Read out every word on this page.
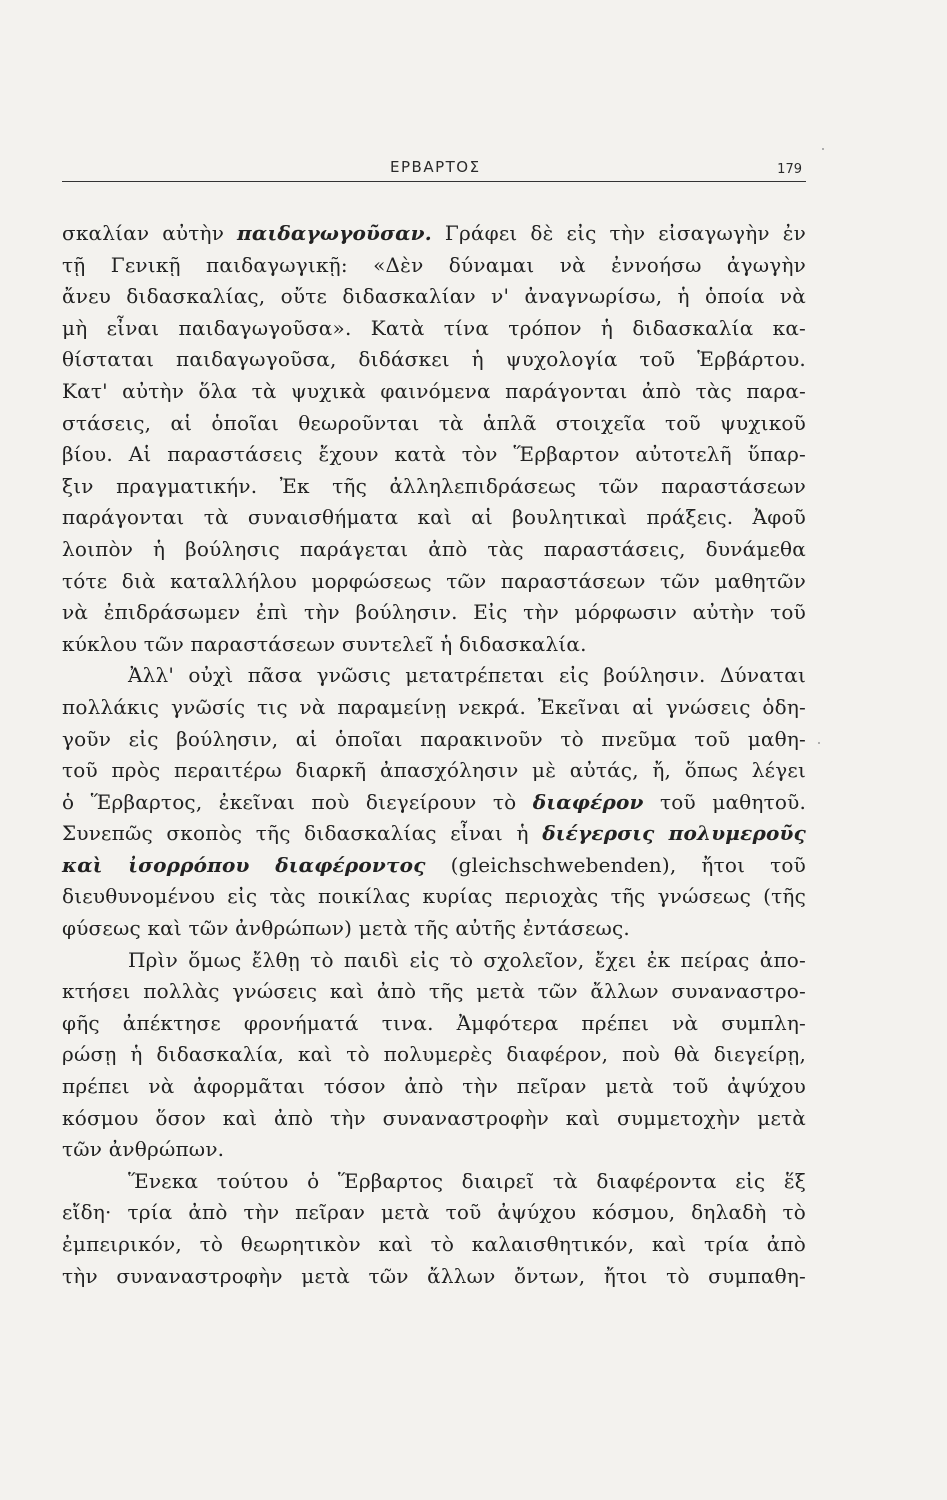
ΕΡΒΑΡΤΟΣ	179
σκαλίαν αὐτὴν παιδαγωγοῦσαν. Γράφει δὲ εἰς τὴν εἰσαγωγὴν ἐν
τῇ Γενικῇ παιδαγωγικῇ: «Δὲν δύναμαι νὰ ἐννοήσω ἀγωγὴν
ἄνευ διδασκαλίας, οὔτε διδασκαλίαν ν' ἀναγνωρίσω, ἡ ὁποία νὰ
μὴ εἶναι παιδαγωγοῦσα». Κατὰ τίνα τρόπον ἡ διδασκαλία κα-
θίσταται παιδαγωγοῦσα, διδάσκει ἡ ψυχολογία τοῦ Ἑρβάρτου.
Κατ' αὐτὴν ὅλα τὰ ψυχικὰ φαινόμενα παράγονται ἀπὸ τὰς παρα-
στάσεις, αἱ ὁποῖαι θεωροῦνται τὰ ἁπλᾶ στοιχεῖα τοῦ ψυχικοῦ
βίου. Αἱ παραστάσεις ἔχουν κατὰ τὸν Ἕρβαρτον αὐτοτελῆ ὕπαρ-
ξιν πραγματικήν. Ἐκ τῆς ἀλληλεπιδράσεως τῶν παραστάσεων
παράγονται τὰ συναισθήματα καὶ αἱ βουλητικαὶ πράξεις. Ἀφοῦ
λοιπὸν ἡ βούλησις παράγεται ἀπὸ τὰς παραστάσεις, δυνάμεθα
τότε διὰ καταλλήλου μορφώσεως τῶν παραστάσεων τῶν μαθητῶν
νὰ ἐπιδράσωμεν ἐπὶ τὴν βούλησιν. Εἰς τὴν μόρφωσιν αὐτὴν τοῦ
κύκλου τῶν παραστάσεων συντελεῖ ἡ διδασκαλία.
Ἀλλ' οὐχὶ πᾶσα γνῶσις μετατρέπεται εἰς βούλησιν. Δύναται
πολλάκις γνῶσίς τις νὰ παραμείνῃ νεκρά. Ἐκεῖναι αἱ γνώσεις ὁδη-
γοῦν εἰς βούλησιν, αἱ ὁποῖαι παρακινοῦν τὸ πνεῦμα τοῦ μαθη-
τοῦ πρὸς περαιτέρω διαρκῆ ἀπασχόλησιν μὲ αὐτάς, ἤ, ὅπως λέγει
ὁ Ἕρβαρτος, ἐκεῖναι ποὺ διεγείρουν τὸ διαφέρον τοῦ μαθητοῦ.
Συνεπῶς σκοπὸς τῆς διδασκαλίας εἶναι ἡ διέγερσις πολυμεροῦς
καὶ ἰσορρόπου διαφέροντος (gleichschwebenden), ἤτοι τοῦ
διευθυνομένου εἰς τὰς ποικίλας κυρίας περιοχὰς τῆς γνώσεως (τῆς
φύσεως καὶ τῶν ἀνθρώπων) μετὰ τῆς αὐτῆς ἐντάσεως.
Πρὶν ὅμως ἔλθῃ τὸ παιδὶ εἰς τὸ σχολεῖον, ἔχει ἐκ πείρας ἀπο-
κτήσει πολλὰς γνώσεις καὶ ἀπὸ τῆς μετὰ τῶν ἄλλων συναναστρο-
φῆς ἀπέκτησε φρονήματά τινα. Ἀμφότερα πρέπει νὰ συμπλη-
ρώσῃ ἡ διδασκαλία, καὶ τὸ πολυμερὲς διαφέρον, ποὺ θὰ διεγείρῃ,
πρέπει νὰ ἀφορμᾶται τόσον ἀπὸ τὴν πεῖραν μετὰ τοῦ ἀψύχου
κόσμου ὅσον καὶ ἀπὸ τὴν συναναστροφὴν καὶ συμμετοχὴν μετὰ
τῶν ἀνθρώπων.
Ἕνεκα τούτου ὁ Ἕρβαρτος διαιρεῖ τὰ διαφέροντα εἰς ἕξ
εἴδη· τρία ἀπὸ τὴν πεῖραν μετὰ τοῦ ἀψύχου κόσμου, δηλαδὴ τὸ
ἐμπειρικόν, τὸ θεωρητικὸν καὶ τὸ καλαισθητικόν, καὶ τρία ἀπὸ
τὴν συναναστροφὴν μετὰ τῶν ἄλλων ὄντων, ἤτοι τὸ συμπαθη-
